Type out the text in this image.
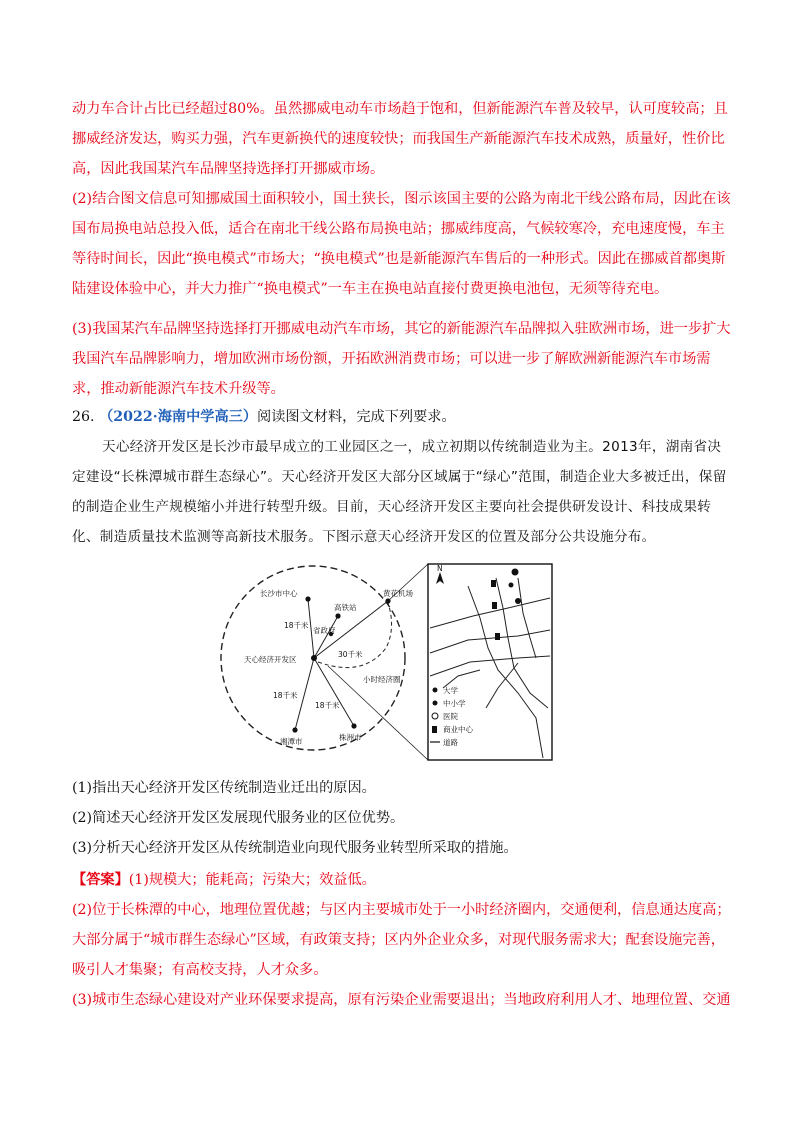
动力车合计占比已经超过80%。虽然挪威电动车市场趋于饱和，但新能源汽车普及较早，认可度较高；且挪威经济发达，购买力强，汽车更新换代的速度较快；而我国生产新能源汽车技术成熟，质量好，性价比高，因此我国某汽车品牌坚持选择打开挪威市场。

(2)结合图文信息可知挪威国土面积较小，国土狭长，图示该国主要的公路为南北干线公路布局，因此在该国布局换电站总投入低，适合在南北干线公路布局换电站；挪威纬度高，气候较寒冷，充电速度慢，车主等待时间长，因此“换电模式”市场大；“换电模式”也是新能源汽车售后的一种形式。因此在挪威首都奥斯陆建设体验中心，并大力推广“换电模式”一车主在换电站直接付费更换电池包，无须等待充电。

(3)我国某汽车品牌坚持选择打开挪威电动汽车市场，其它的新能源汽车品牌拟入驻欧洲市场，进一步扩大我国汽车品牌影响力，增加欧洲市场份额，开拓欧洲消费市场；可以进一步了解欧洲新能源汽车市场需求，推动新能源汽车技术升级等。

26. （2022·海南中学高三）阅读图文材料，完成下列要求。

天心经济开发区是长沙市最早成立的工业园区之一，成立初期以传统制造业为主。2013年，湖南省决定建设“长株潭城市群生态绿心”。天心经济开发区大部分区域属于“绿心”范围，制造企业大多被迁出，保留的制造企业生产规模缩小并进行转型升级。目前，天心经济开发区主要向社会提供研发设计、科技成果转化、制造质量技术监测等高新技术服务。下图示意天心经济开发区的位置及部分公共设施分布。

长沙市中心
高铁站
省政府
黄花机场
天心经济开发区
湘潭市	株洲市
18千米
30千米
18千米
18千米
小时经济圈
N
大学
中小学
医院
商业中心
道路

(1)指出天心经济开发区传统制造业迁出的原因。

(2)简述天心经济开发区发展现代服务业的区位优势。

(3)分析天心经济开发区从传统制造业向现代服务业转型所采取的措施。

【答案】(1)规模大；能耗高；污染大；效益低。

(2)位于长株潭的中心，地理位置优越；与区内主要城市处于一小时经济圈内，交通便利，信息通达度高；大部分属于“城市群生态绿心”区域，有政策支持；区内外企业众多，对现代服务需求大；配套设施完善，吸引人才集聚；有高校支持，人才众多。

(3)城市生态绿心建设对产业环保要求提高，原有污染企业需要退出；当地政府利用人才、地理位置、交通
